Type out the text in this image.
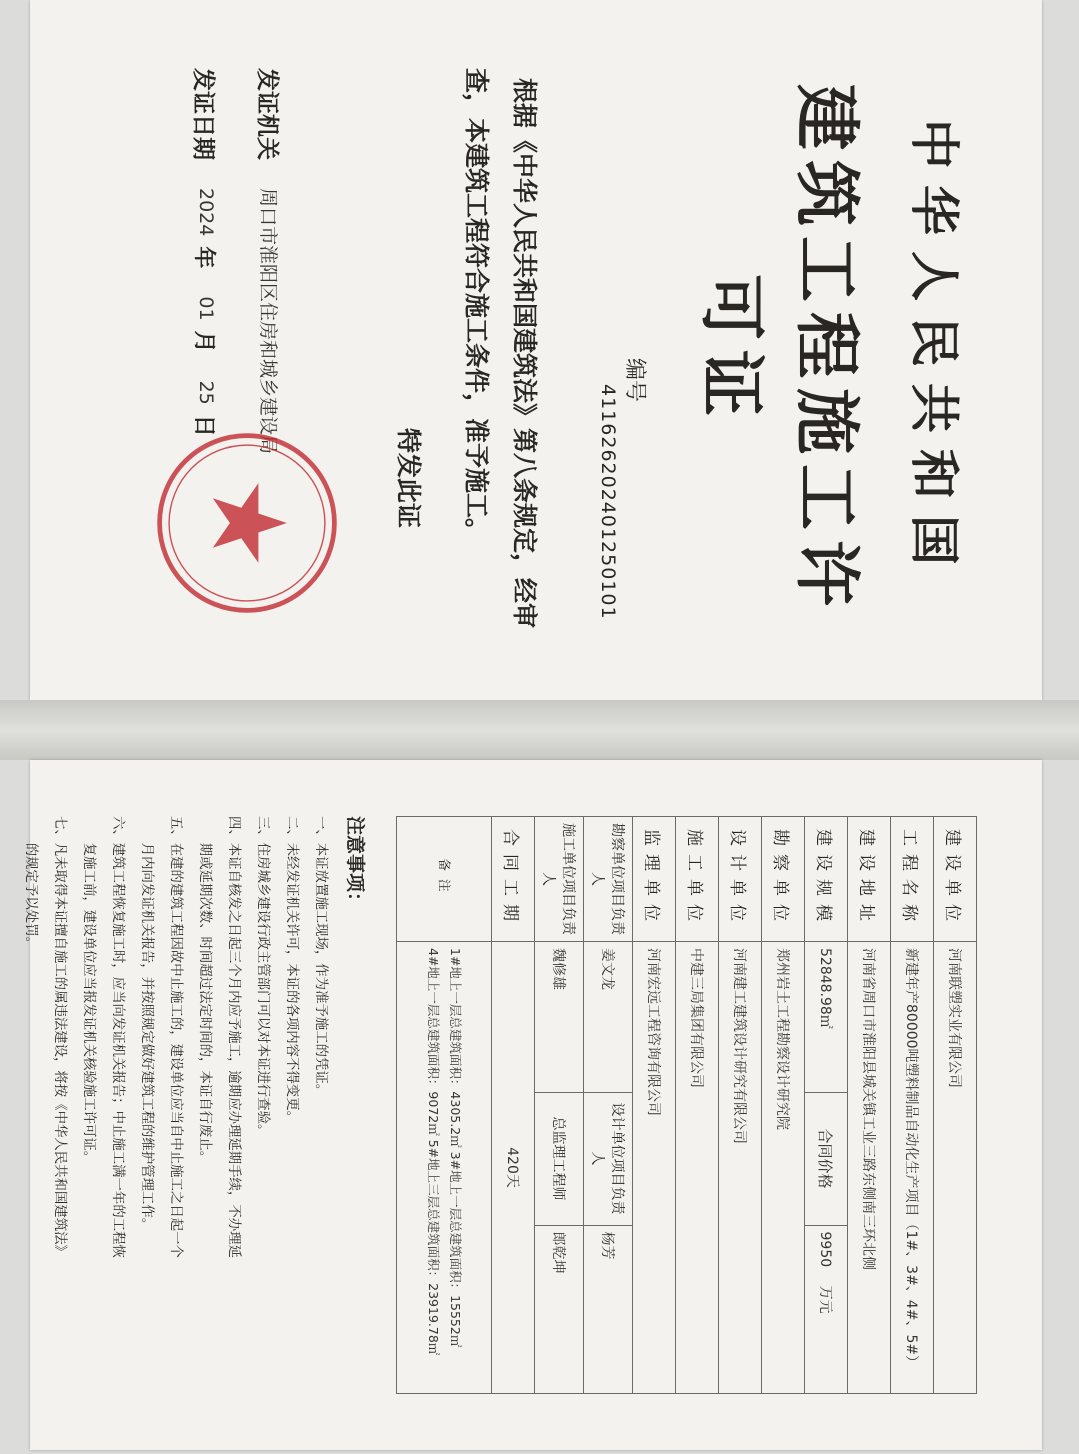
中华人民共和国
建筑工程施工许可证
编号 411626202401250101
根据《中华人民共和国建筑法》第八条规定，经审查，本建筑工程符合施工条件，准予施工。
特发此证
发证机关
周口市淮阳区住房和城乡建设局
发证日期
2024
年
01
月
25
日
建设单位	河南联塑实业有限公司		
工程名称	新建年产80000吨塑料制品自动化生产项目（1#、3#、4#、5#）		
建设地址	河南省周口市淮阳县城关镇工业三路东侧南三环北侧		
建设规模	52848.98㎡	合同价格	9950 万元
勘察单位	郑州岩土工程勘察设计研究院		
设计单位	河南建工建筑设计研究有限公司		
施工单位	中建三局集团有限公司		
监理单位	河南宏远工程咨询有限公司		
勘察单位项目负责人	姜文龙	设计单位项目负责人	杨芳
施工单位项目负责人	魏修雄	总监理工程师	郎乾坤
合同工期	420天		
备注	1#地上一层总建筑面积：4305.2㎡ 3#地上一层总建筑面积：15552㎡
4#地上一层总建筑面积：9072㎡ 5#地上三层总建筑面积：23919.78㎡		
注意事项：
一、本证放置施工现场，作为准予施工的凭证。
二、未经发证机关许可，本证的各项内容不得变更。
三、住房城乡建设行政主管部门可以对本证进行查验。
四、本证自核发之日起三个月内应予施工，逾期应办理延期手续，不办理延
　　期或延期次数、时间超过法定时间的，本证自行废止。
五、在建的建筑工程因故中止施工的，建设单位应当自中止施工之日起一个
　　月内向发证机关报告，并按照规定做好建筑工程的维护管理工作。
六、建筑工程恢复施工时，应当向发证机关报告；中止施工满一年的工程恢
　　复施工前，建设单位应当报发证机关核验施工许可证。
七、凡未取得本证擅自施工的属违法建设，将按《中华人民共和国建筑法》
　　的规定予以处罚。
